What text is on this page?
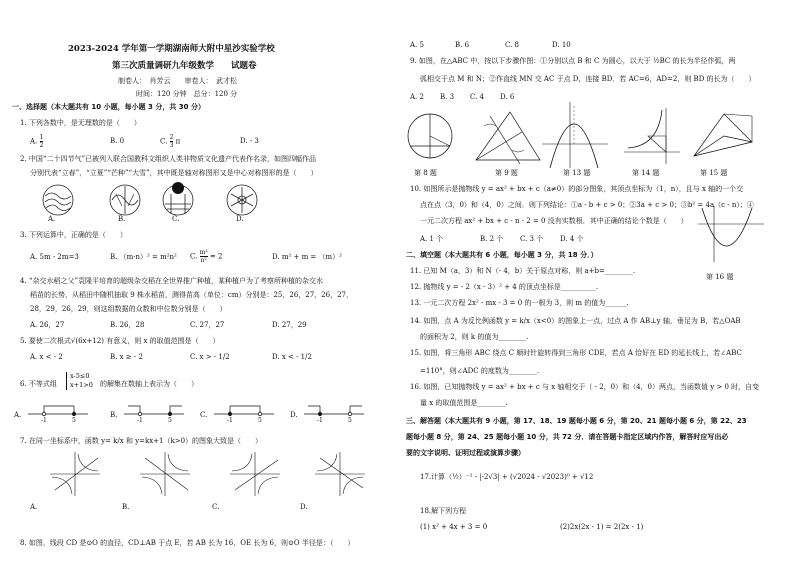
2023-2024 学年第一学期湖南师大附中星沙实验学校
第三次质量调研九年级数学　　试题卷
制卷人：　肖芳云　　审卷人：　武才松
时间：120 分钟　总分：120 分
一、选择题（本大题共有 10 小题，每小题 3 分，共 30 分）
1. 下列各数中，是无理数的是（　　）
A. $\frac{1}{2}$	B. 0	C. $\frac{2}{3}$ π	D. - 3
2. 中国“二十四节气”已被列入联合国教科文组织人类非物质文化遗产代表作名录，如图四幅作品
分别代表“立春”，“立夏”“芒种”“大雪”，其中既是轴对称图形又是中心对称图形的是（　　）
A.	B.	C.	D.
3. 下列运算中，正确的是（　　）
A. 5m - 2m=3	B. （m·n）² = m²n² C. $\frac{\text{m²}}{\text{n²}} = 2$	D. m² + m = （m）²
4. “杂交水稻之父”袁隆平培育的超级杂交稻在全世界推广种植，某种植户为了考察所种植的杂交水
稻苗的长势，从稻田中随机抽取 9 株水稻苗，测得苗高（单位：cm）分别是：25，26，27，26，27，
28，29，26，29，则这组数据的众数和中位数分别是（　　）
A. 26，27	B. 26，28	C. 27，27	D. 27，29
5. 要使二次根式√(6x+12) 有意义，则 x 的取值范围是（　　）
A. x < - 2	B. x ≥ - 2	C. x > - 1/2	D. x < - 1/2
6. 不等式组
x-5≤0
x+1>0 的解集在数轴上表示为（　　）
A.
-1	5
B.
-1	5
C.
-1	5
D.
-1	5
7. 在同一坐标系中，函数 y= k/x 和 y=kx+1（k>0）的图象大致是（　　）
A.	B.	C.	D.
8. 如图，线段 CD 是⊙O 的直径，CD⊥AB 于点 E，若 AB 长为 16，OE 长为 6，则⊙O 半径是：（　　）
A. 5	B. 6	C. 8	D. 10
9. 如图，在△ABC 中，按以下步骤作图：①分别以点 B 和 C 为圆心，以大于 ½BC 的长为半径作弧，两
弧相交于点 M 和 N；②作直线 MN 交 AC 于点 D，连接 BD．若 AC=6，AD=2，则 BD 的长为（　　）
A. 2 B. 3 C. 4 D. 6
第 8 题	第 9 题	第 13 题	第 14 题	第 15 题
10. 如图所示是抛物线 y = ax² + bx + c（a≠0）的部分图象，其顶点坐标为（1，n），且与 x 轴的一个交
点在点（3，0）和（4，0）之间．则下列结论：①a - b + c > 0；②3a + c > 0；③b² = 4a（c - n）；④
一元二次方程 ax² + bx + c - n - 2 = 0 没有实数根．其中正确的结论个数是（　　）
A. 1 个	B. 2 个 C. 3 个 D. 4 个
二、填空题（本大题共有 6 小题，每小题 3 分，共 18 分．）
11. 已知 M（a，3）和 N（- 4，b）关于原点对称，则 a+b=________.
12. 抛物线 y = - 2（x - 3）² + 4 的顶点坐标是__________.
第 16 题
13. 一元二次方程 2x² - mx - 3 = 0 的一根为 3，则 m 的值为______.
14. 如图，点 A 为反比例函数 y = k/x（x<0）的图象上一点，过点 A 作 AB⊥y 轴，垂足为 B，若△OAB
的面积为 2，则 k 的值为________.
15. 如图，将三角形 ABC 绕点 C 顺时针旋转得到三角形 CDE，若点 A 恰好在 ED 的延长线上，若∠ABC
=110°，则∠ADC 的度数为________.
16. 如图，已知抛物线 y = ax² + bx + c 与 x 轴相交于（ - 2，0）和（4，0）两点，当函数值 y > 0 时，自变
量 x 的取值范围是________.
三、解答题（本大题共有 9 小题，第 17、18、19 题每小题 6 分，第 20、21 题每小题 6 分，第 22、23
题每小题 8 分，第 24、25 题每小题 10 分，共 72 分．请在答题卡指定区域内作答，解答时应写出必
要的文字说明、证明过程或演算步骤）
17.计算（½）⁻² - |-2√3| + (√2024 - √2023)⁰ + √12
18.解下列方程
(1) x² + 4x + 3 = 0	(2)2x(2x - 1) = 2(2x - 1)
